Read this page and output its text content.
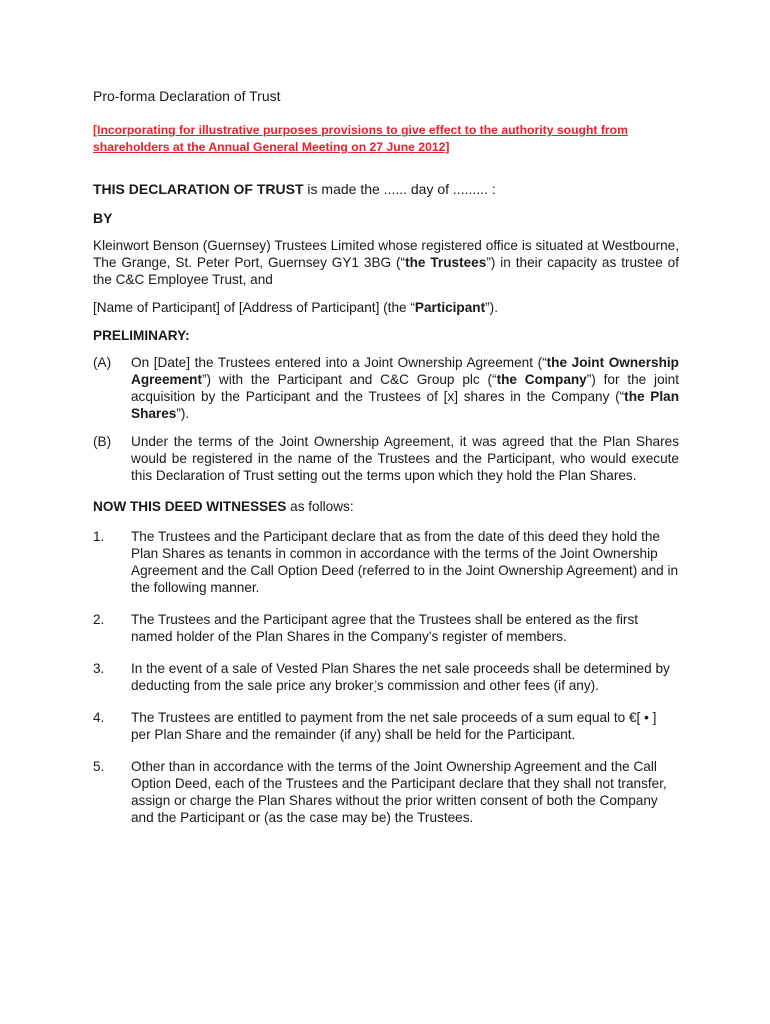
Pro-forma Declaration of Trust
[Incorporating for illustrative purposes provisions to give effect to the authority sought from shareholders at the Annual General Meeting on 27 June 2012]
THIS DECLARATION OF TRUST is made the ...... day of ......... :
BY

Kleinwort Benson (Guernsey) Trustees Limited whose registered office is situated at Westbourne, The Grange, St. Peter Port, Guernsey GY1 3BG (“the Trustees”) in their capacity as trustee of the C&C Employee Trust, and

[Name of Participant] of [Address of Participant] (the “Participant”).

PRELIMINARY:
(A)	On [Date] the Trustees entered into a Joint Ownership Agreement (“the Joint Ownership Agreement”) with the Participant and C&C Group plc (“the Company”) for the joint acquisition by the Participant and the Trustees of [x] shares in the Company (“the Plan Shares”).
(B)	Under the terms of the Joint Ownership Agreement, it was agreed that the Plan Shares would be registered in the name of the Trustees and the Participant, who would execute this Declaration of Trust setting out the terms upon which they hold the Plan Shares.
NOW THIS DEED WITNESSES as follows:
1.	The Trustees and the Participant declare that as from the date of this deed they hold the Plan Shares as tenants in common in accordance with the terms of the Joint Ownership Agreement and the Call Option Deed (referred to in the Joint Ownership Agreement) and in the following manner.
2.	The Trustees and the Participant agree that the Trustees shall be entered as the first named holder of the Plan Shares in the Company’s register of members.
3.	In the event of a sale of Vested Plan Shares the net sale proceeds shall be determined by deducting from the sale price any broker’s commission and other fees (if any).
4.	The Trustees are entitled to payment from the net sale proceeds of a sum equal to €[ • ] per Plan Share and the remainder (if any) shall be held for the Participant.
5.	Other than in accordance with the terms of the Joint Ownership Agreement and the Call Option Deed, each of the Trustees and the Participant declare that they shall not transfer, assign or charge the Plan Shares without the prior written consent of both the Company and the Participant or (as the case may be) the Trustees.
